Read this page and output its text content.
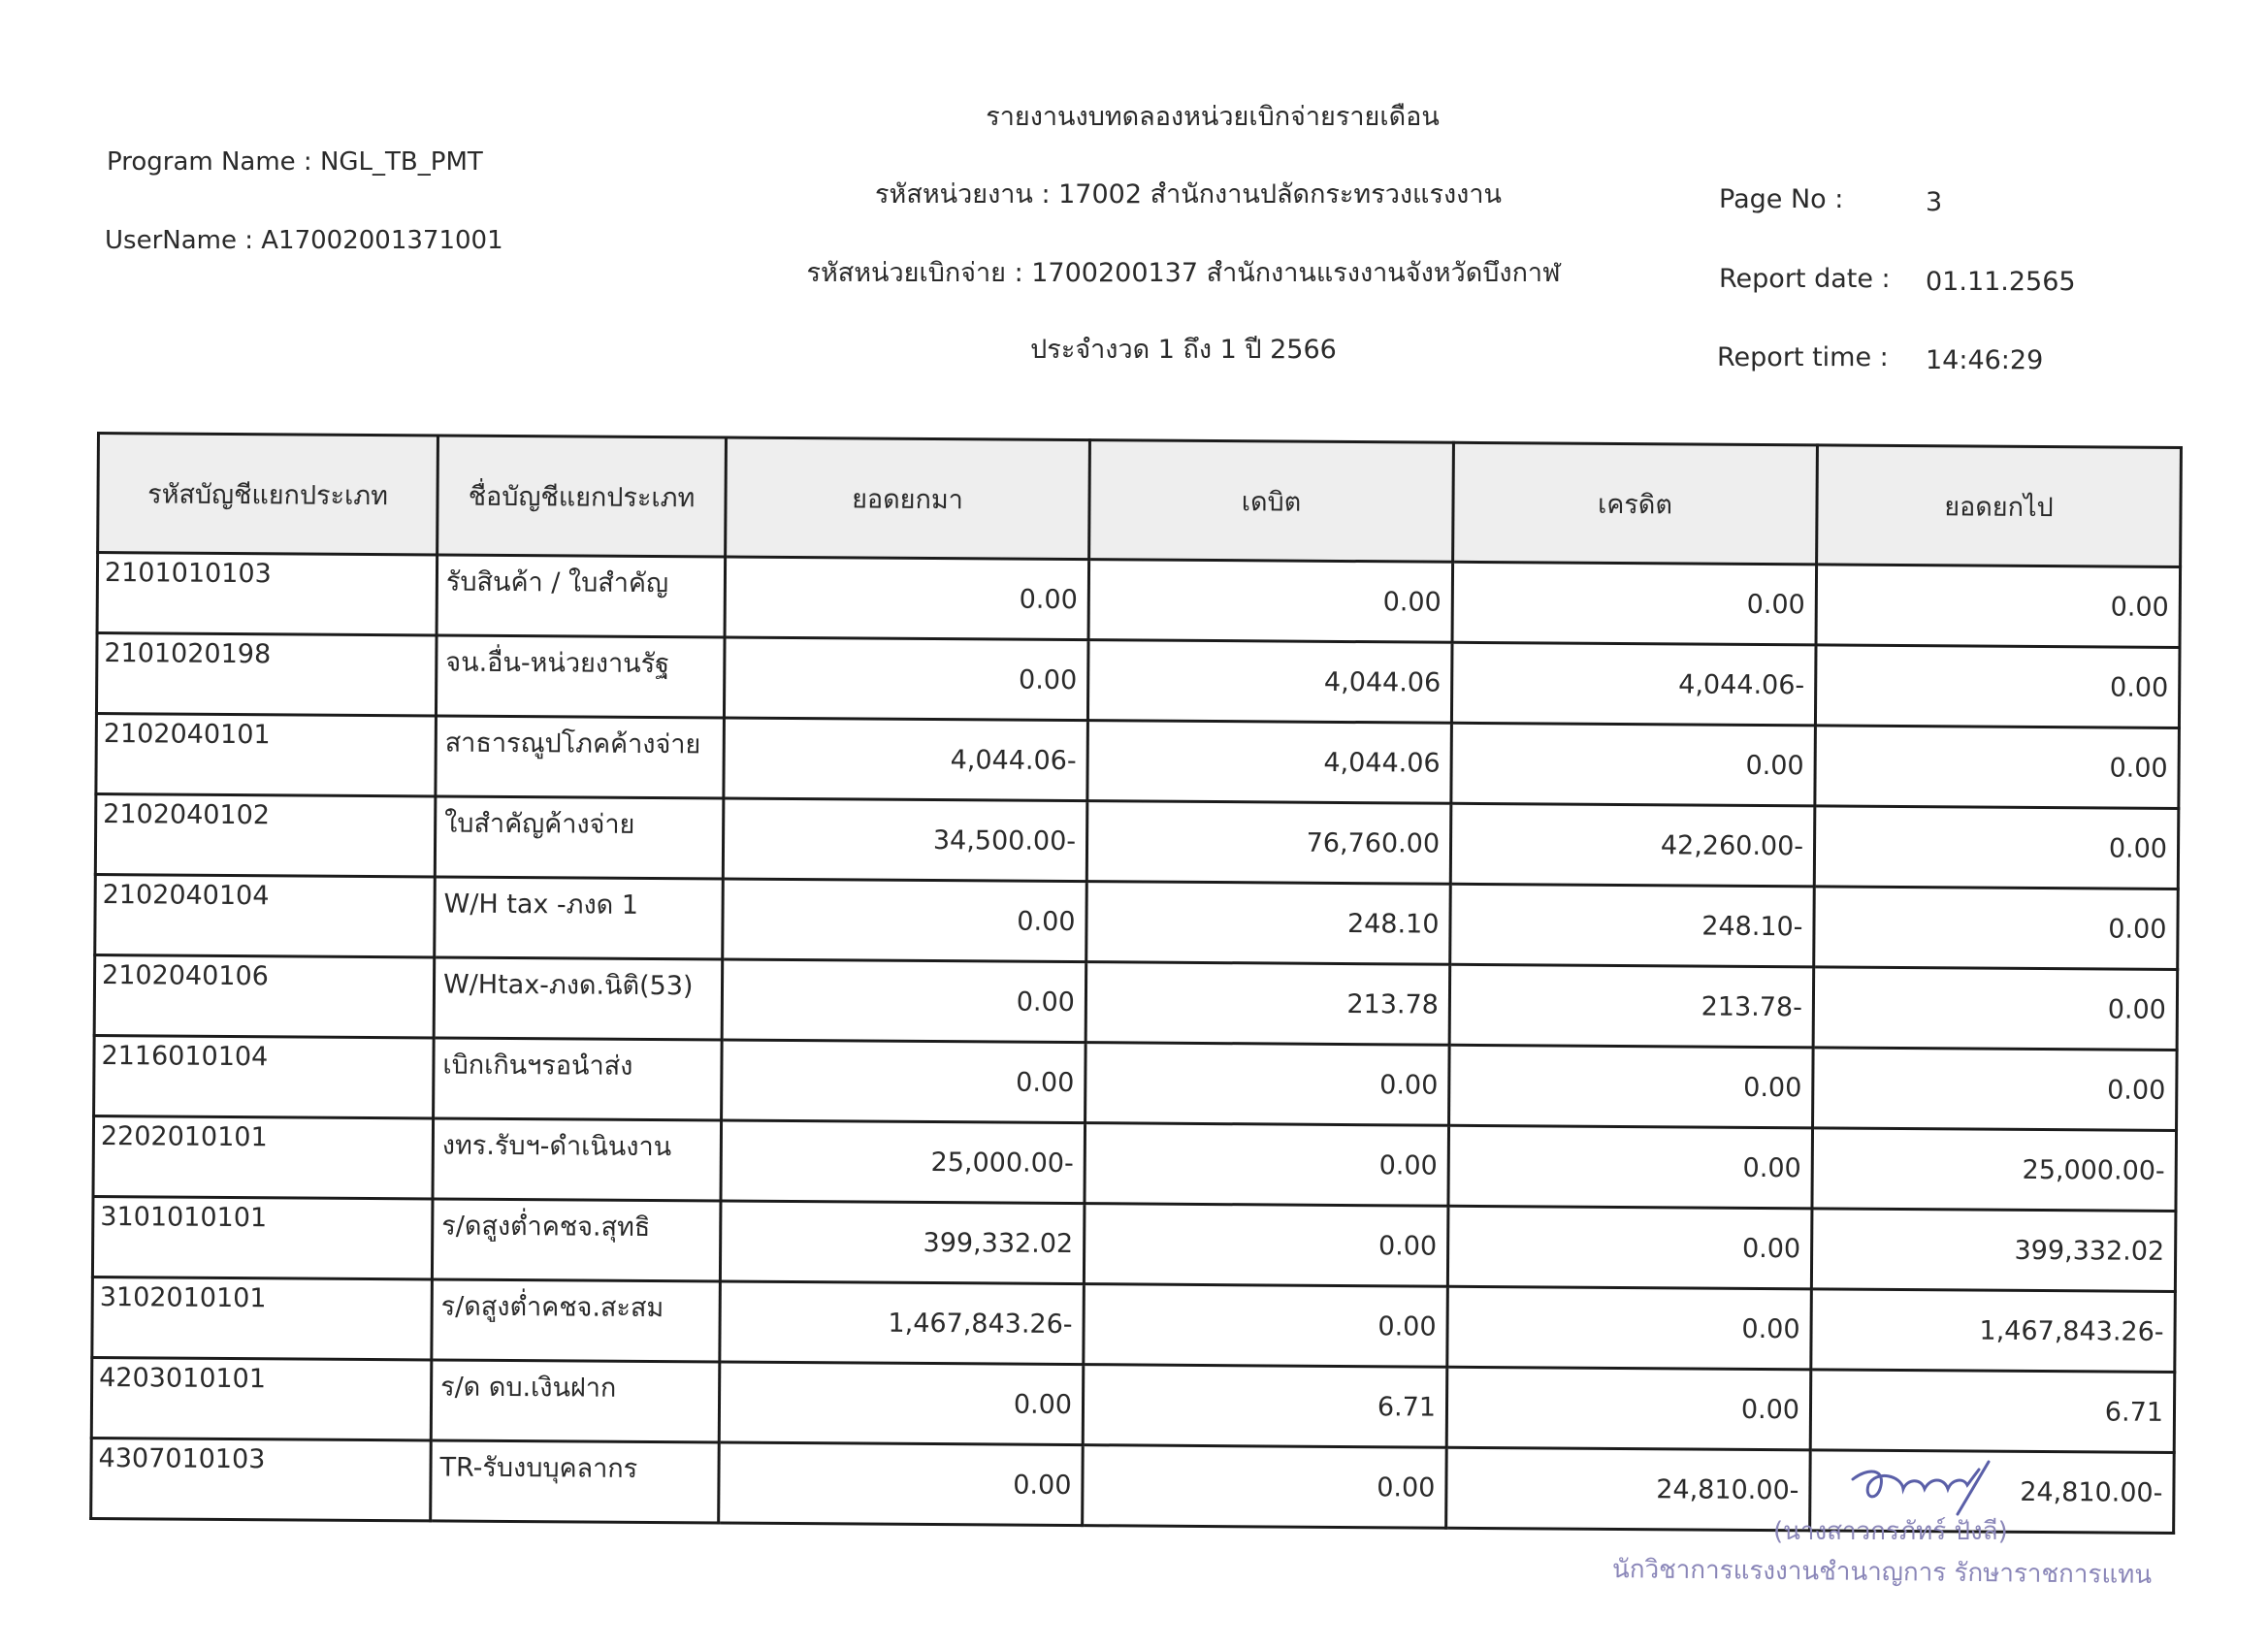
Program Name : NGL_TB_PMT
UserName : A17002001371001
รายงานงบทดลองหน่วยเบิกจ่ายรายเดือน
รหัสหน่วยงาน : 17002 สำนักงานปลัดกระทรวงแรงงาน
รหัสหน่วยเบิกจ่าย : 1700200137 สำนักงานแรงงานจังหวัดบึงกาฬ
ประจำงวด 1 ถึง 1 ปี 2566
Page No :	3
Report date : 01.11.2565
Report time : 14:46:29
รหัสบัญชีแยกประเภท	ชื่อบัญชีแยกประเภท	ยอดยกมา	เดบิต	เครดิต	ยอดยกไป
2101010103	รับสินค้า / ใบสำคัญ	0.00	0.00	0.00	0.00
2101020198	จน.อื่น-หน่วยงานรัฐ	0.00	4,044.06	4,044.06-	0.00
2102040101	สาธารณูปโภคค้างจ่าย	4,044.06-	4,044.06	0.00	0.00
2102040102	ใบสำคัญค้างจ่าย	34,500.00-	76,760.00	42,260.00-	0.00
2102040104	W/H tax -ภงด 1	0.00	248.10	248.10-	0.00
2102040106	W/Htax-ภงด.นิติ(53)	0.00	213.78	213.78-	0.00
2116010104	เบิกเกินฯรอนำส่ง	0.00	0.00	0.00	0.00
2202010101	งทร.รับฯ-ดำเนินงาน	25,000.00-	0.00	0.00	25,000.00-
3101010101	ร/ดสูงต่ำคชจ.สุทธิ	399,332.02	0.00	0.00	399,332.02
3102010101	ร/ดสูงต่ำคชจ.สะสม	1,467,843.26-	0.00	0.00	1,467,843.26-
4203010101	ร/ด ดบ.เงินฝาก	0.00	6.71	0.00	6.71
4307010103	TR-รับงบบุคลากร	0.00	0.00	24,810.00-	24,810.00-
(นางสาวกรภัทร์ ปังลี)
นักวิชาการแรงงานชำนาญการ รักษาราชการแทน
